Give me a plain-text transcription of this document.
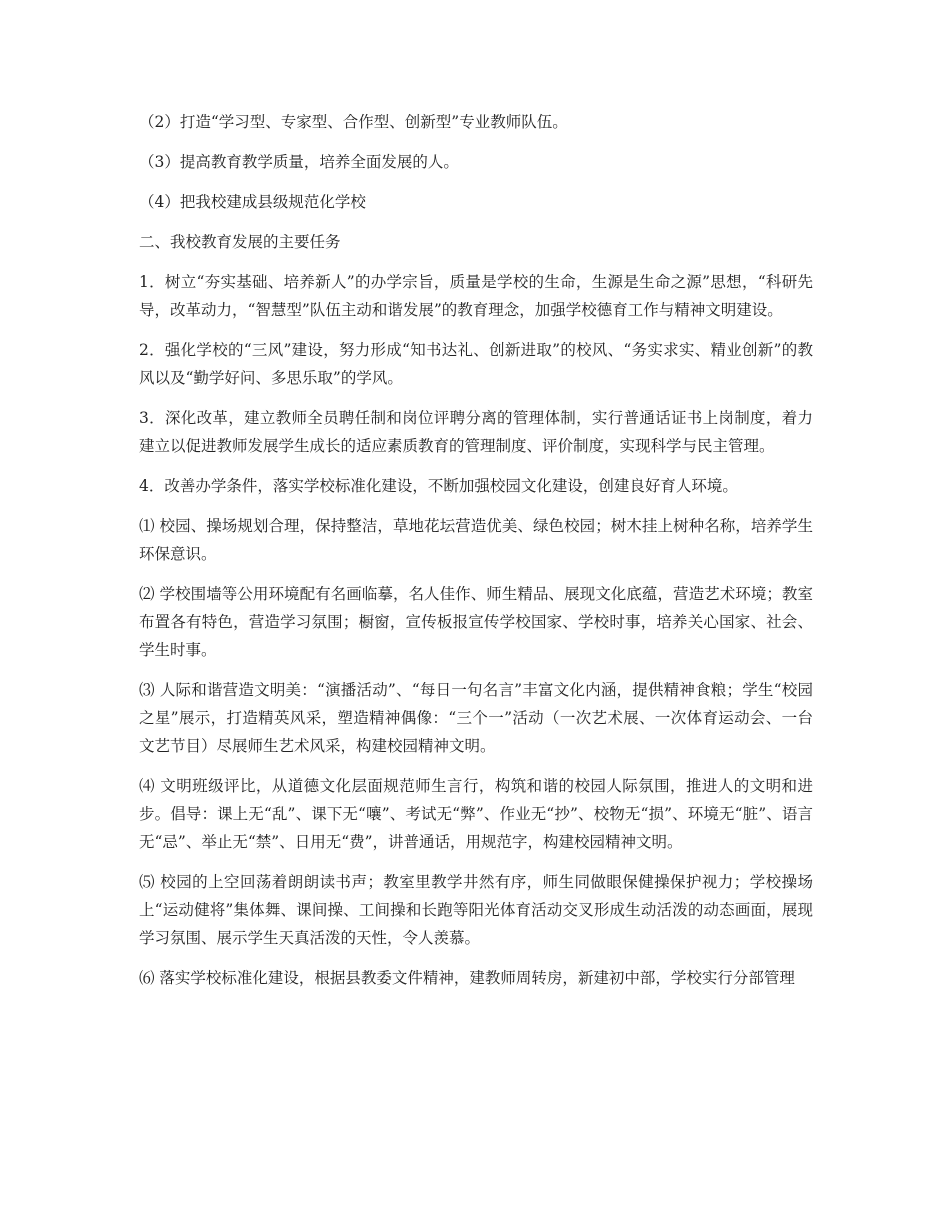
（2）打造“学习型、专家型、合作型、创新型”专业教师队伍。

（3）提高教育教学质量，培养全面发展的人。

（4）把我校建成县级规范化学校

二、我校教育发展的主要任务

1．树立“夯实基础、培养新人”的办学宗旨，质量是学校的生命，生源是生命之源”思想，“科研先导，改革动力，“智慧型”队伍主动和谐发展”的教育理念，加强学校德育工作与精神文明建设。

2．强化学校的“三风”建设，努力形成“知书达礼、创新进取”的校风、“务实求实、精业创新”的教风以及“勤学好问、多思乐取”的学风。

3．深化改革，建立教师全员聘任制和岗位评聘分离的管理体制，实行普通话证书上岗制度，着力建立以促进教师发展学生成长的适应素质教育的管理制度、评价制度，实现科学与民主管理。

4．改善办学条件，落实学校标准化建设，不断加强校园文化建设，创建良好育人环境。

⑴ 校园、操场规划合理，保持整洁，草地花坛营造优美、绿色校园；树木挂上树种名称，培养学生环保意识。

⑵ 学校围墙等公用环境配有名画临摹，名人佳作、师生精品、展现文化底蕴，营造艺术环境；教室布置各有特色，营造学习氛围；橱窗，宣传板报宣传学校国家、学校时事，培养关心国家、社会、学生时事。

⑶ 人际和谐营造文明美：“演播活动”、“每日一句名言”丰富文化内涵，提供精神食粮；学生“校园之星”展示，打造精英风采，塑造精神偶像：“三个一”活动（一次艺术展、一次体育运动会、一台文艺节目）尽展师生艺术风采，构建校园精神文明。

⑷ 文明班级评比，从道德文化层面规范师生言行，构筑和谐的校园人际氛围，推进人的文明和进步。倡导：课上无“乱”、课下无“嚷”、考试无“弊”、作业无“抄”、校物无“损”、环境无“脏”、语言无“忌”、举止无“禁”、日用无“费”，讲普通话，用规范字，构建校园精神文明。

⑸ 校园的上空回荡着朗朗读书声；教室里教学井然有序，师生同做眼保健操保护视力；学校操场上“运动健将”集体舞、课间操、工间操和长跑等阳光体育活动交叉形成生动活泼的动态画面，展现学习氛围、展示学生天真活泼的天性，令人羡慕。

⑹ 落实学校标准化建设，根据县教委文件精神，建教师周转房，新建初中部，学校实行分部管理
